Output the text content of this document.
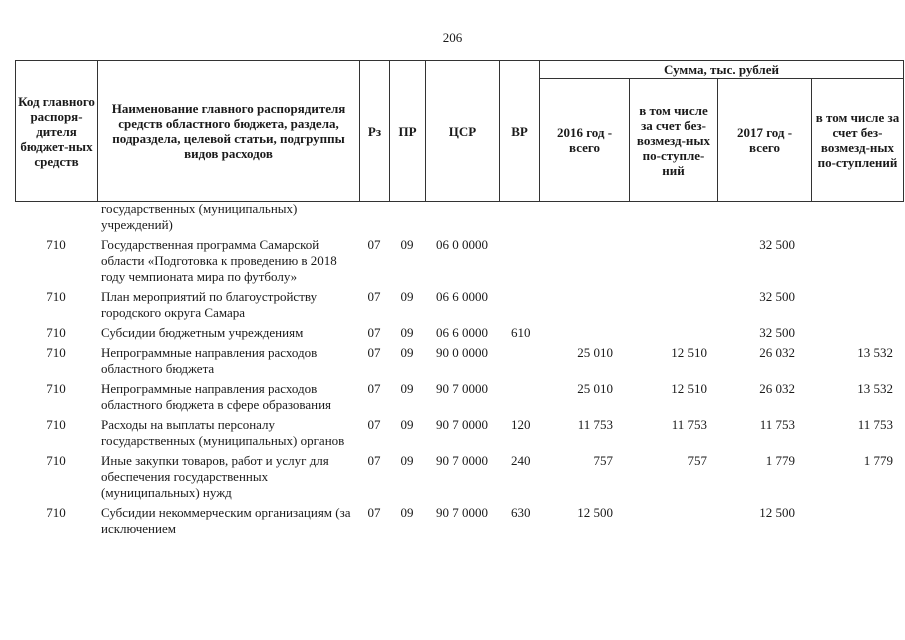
206
Код главного распоря-дителя бюджет-ных средств	Наименование главного распорядителя средств областного бюджета, раздела, подраздела, целевой статьи, подгруппы видов расходов	Рз	ПР	ЦСР	ВР	Сумма, тыс. рублей			
						2016 год - всего	в том числе за счет без-возмезд-ных по-ступле-ний	2017 год - всего	в том числе за счет без-возмезд-ных по-ступлений
	государственных (муниципальных) учреждений)								
710	Государственная программа Самарской области «Подготовка к проведению в 2018 году чемпионата мира по футболу»	07	09	06 0 0000				32 500	
710	План мероприятий по благоустройству городского округа Самара	07	09	06 6 0000				32 500	
710	Субсидии бюджетным учреждениям	07	09	06 6 0000	610			32 500	
710	Непрограммные направления расходов областного бюджета	07	09	90 0 0000		25 010	12 510	26 032	13 532
710	Непрограммные направления расходов областного бюджета в сфере образования	07	09	90 7 0000		25 010	12 510	26 032	13 532
710	Расходы на выплаты персоналу государственных (муниципальных) органов	07	09	90 7 0000	120	11 753	11 753	11 753	11 753
710	Иные закупки товаров, работ и услуг для обеспечения государственных (муниципальных) нужд	07	09	90 7 0000	240	757	757	1 779	1 779
710	Субсидии некоммерческим организациям (за исключением	07	09	90 7 0000	630	12 500		12 500	
